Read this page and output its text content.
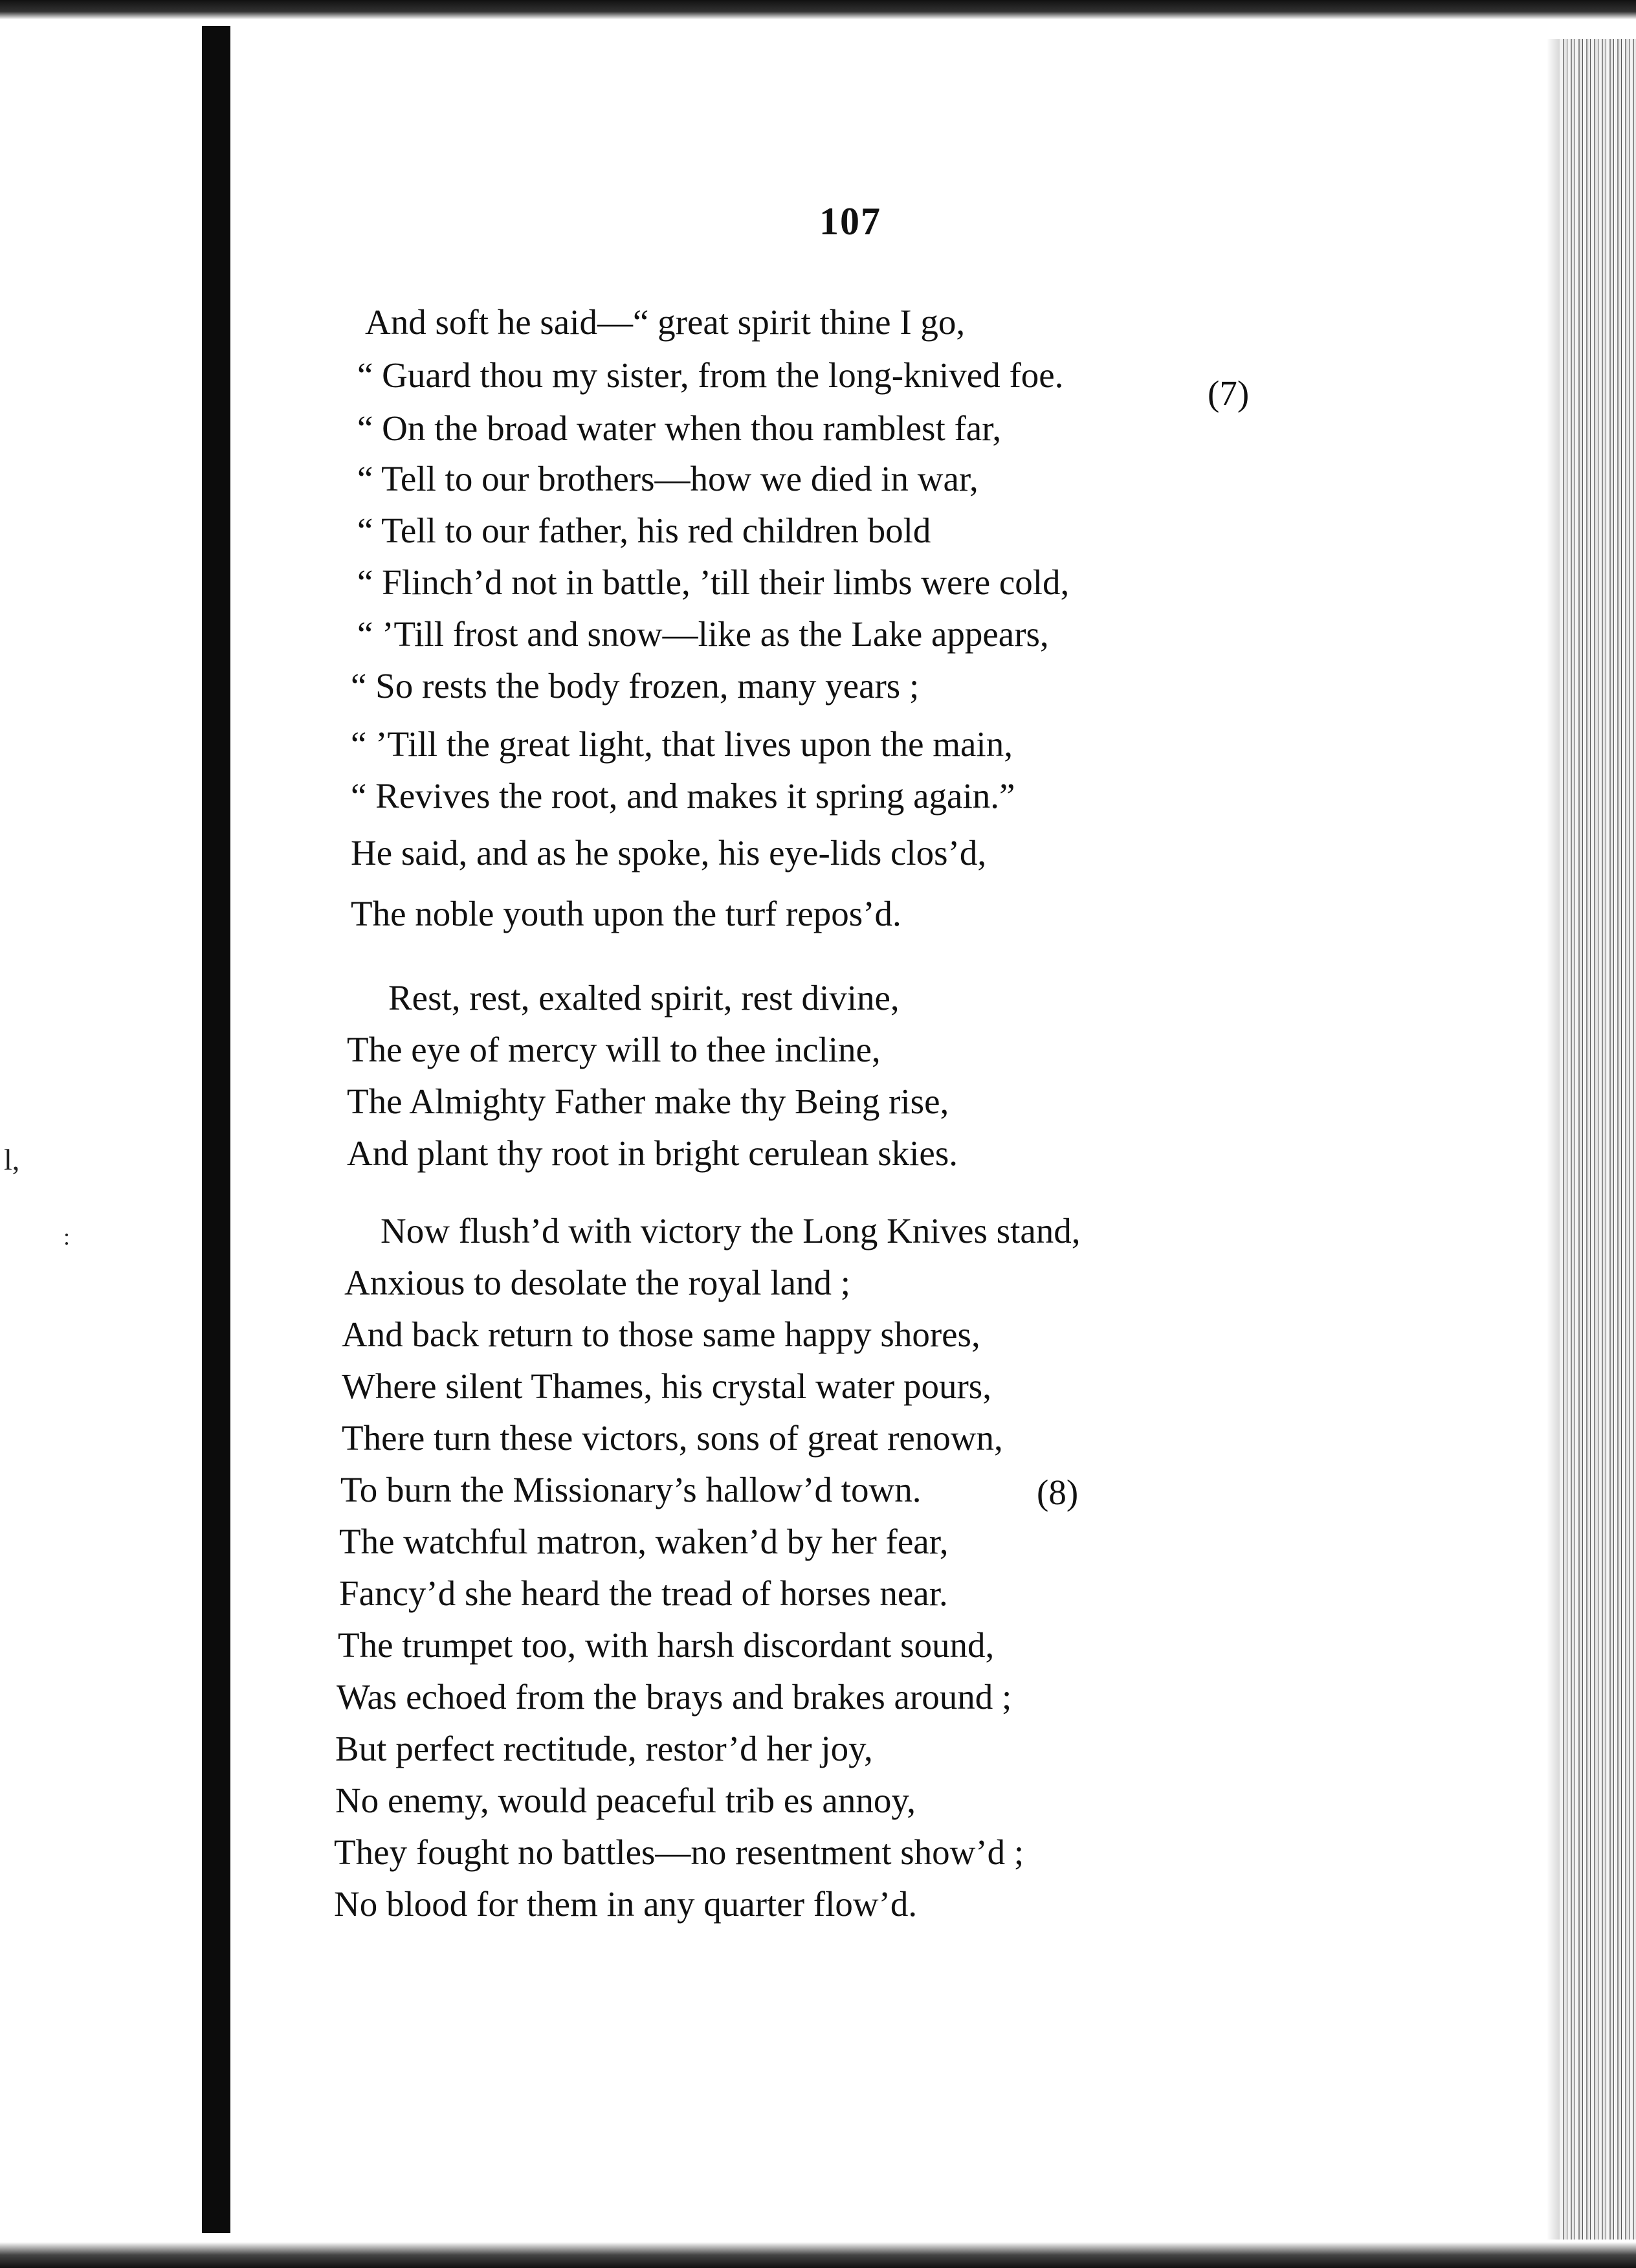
l,
:
107
And soft he said—“ great spirit thine I go,
“ Guard thou my sister, from the long-knived foe.	(7)
“ On the broad water when thou ramblest far,
“ Tell to our brothers—how we died in war,
“ Tell to our father, his red children bold
“ Flinch’d not in battle, ’till their limbs were cold,
“ ’Till frost and snow—like as the Lake appears,
“ So rests the body frozen, many years ;
“ ’Till the great light, that lives upon the main,
“ Revives the root, and makes it spring again.”
He said, and as he spoke, his eye-lids clos’d,
The noble youth upon the turf repos’d.
Rest, rest, exalted spirit, rest divine,
The eye of mercy will to thee incline,
The Almighty Father make thy Being rise,
And plant thy root in bright cerulean skies.
Now flush’d with victory the Long Knives stand,
Anxious to desolate the royal land ;
And back return to those same happy shores,
Where silent Thames, his crystal water pours,
There turn these victors, sons of great renown,
To burn the Missionary’s hallow’d town.	(8)
The watchful matron, waken’d by her fear,
Fancy’d she heard the tread of horses near.
The trumpet too, with harsh discordant sound,
Was echoed from the brays and brakes around ;
But perfect rectitude, restor’d her joy,
No enemy, would peaceful trib es annoy,
They fought no battles—no resentment show’d ;
No blood for them in any quarter flow’d.
